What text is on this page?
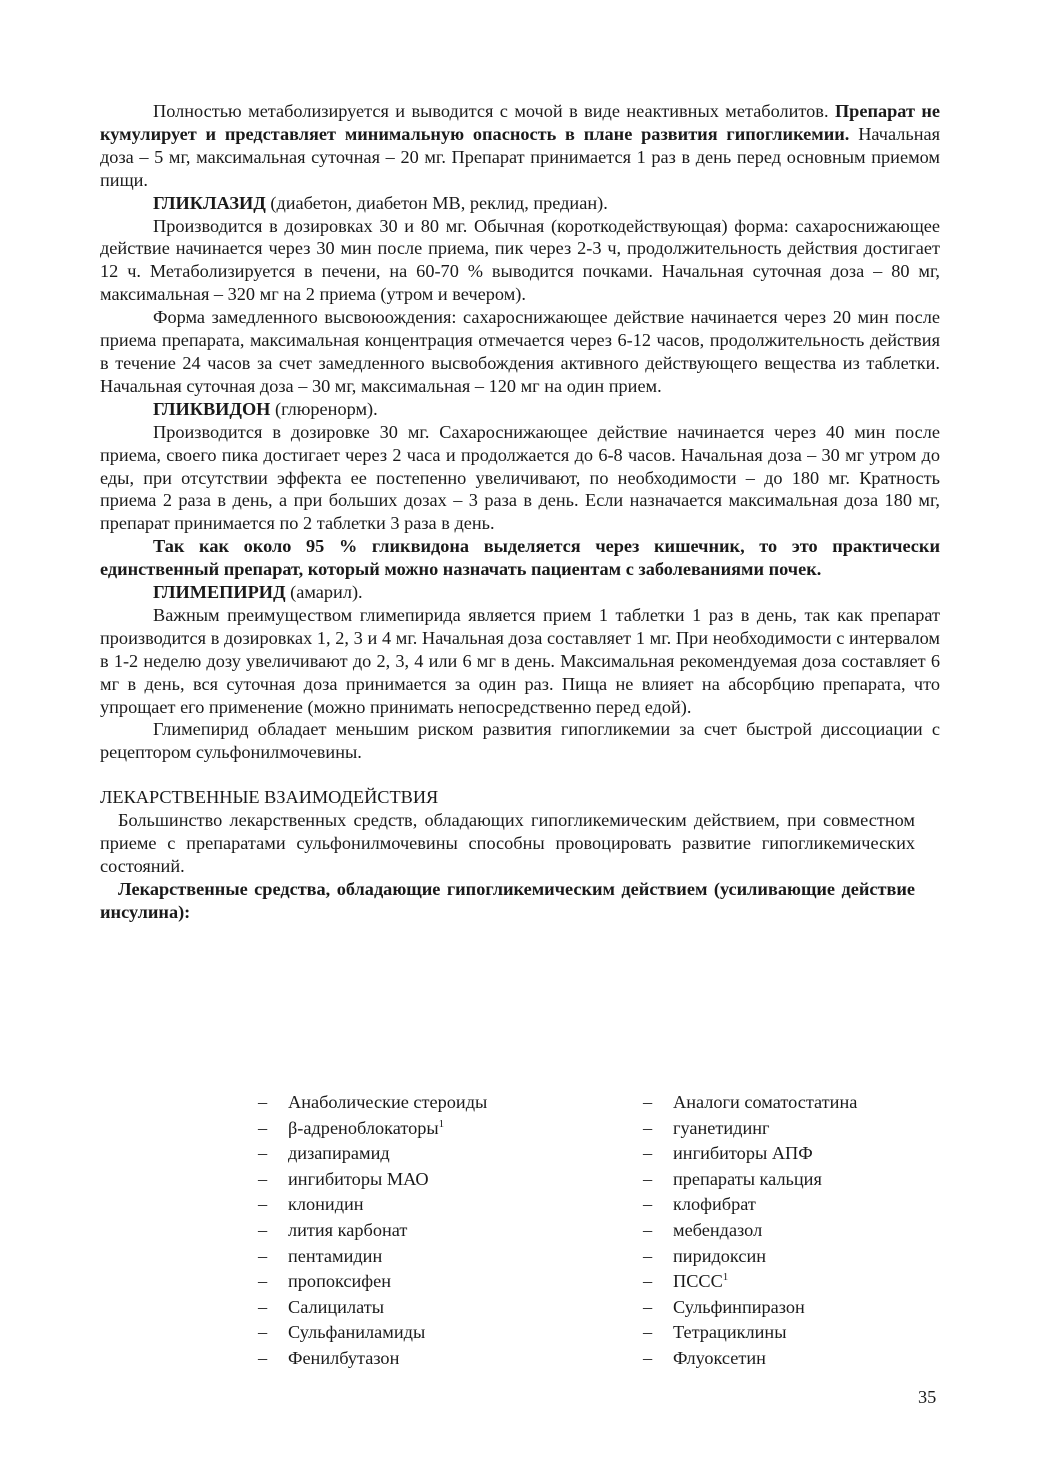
Полностью метаболизируется и выводится с мочой в виде неактивных метаболитов. Препарат не кумулирует и представляет минимальную опасность в плане развития гипогликемии. Начальная доза – 5 мг, максимальная суточная – 20 мг. Препарат принимается 1 раз в день перед основным приемом пищи.

ГЛИКЛАЗИД (диабетон, диабетон МВ, реклид, предиан).

Производится в дозировках 30 и 80 мг. Обычная (короткодействующая) форма: сахароснижающее действие начинается через 30 мин после приема, пик через 2-3 ч, продолжительность действия достигает 12 ч. Метаболизируется в печени, на 60-70 % выводится почками. Начальная суточная доза – 80 мг, максимальная – 320 мг на 2 приема (утром и вечером).

Форма замедленного высвоюождения: сахароснижающее действие начинается через 20 мин после приема препарата, максимальная концентрация отмечается через 6-12 часов, продолжительность действия в течение 24 часов за счет замедленного высвобождения активного действующего вещества из таблетки. Начальная суточная доза – 30 мг, максимальная – 120 мг на один прием.

ГЛИКВИДОН (глюренорм).

Производится в дозировке 30 мг. Сахароснижающее действие начинается через 40 мин после приема, своего пика достигает через 2 часа и продолжается до 6-8 часов. Начальная доза – 30 мг утром до еды, при отсутствии эффекта ее постепенно увеличивают, по необходимости – до 180 мг. Кратность приема 2 раза в день, а при больших дозах – 3 раза в день. Если назначается максимальная доза 180 мг, препарат принимается по 2 таблетки 3 раза в день.

Так как около 95 % гликвидона выделяется через кишечник, то это практически единственный препарат, который можно назначать пациентам с заболеваниями почек.

ГЛИМЕПИРИД (амарил).

Важным преимуществом глимепирида является прием 1 таблетки 1 раз в день, так как препарат производится в дозировках 1, 2, 3 и 4 мг. Начальная доза составляет 1 мг. При необходимости с интервалом в 1-2 неделю дозу увеличивают до 2, 3, 4 или 6 мг в день. Максимальная рекомендуемая доза составляет 6 мг в день, вся суточная доза принимается за один раз. Пища не влияет на абсорбцию препарата, что упрощает его применение (можно принимать непосредственно перед едой).

Глимепирид обладает меньшим риском развития гипогликемии за счет быстрой диссоциации с рецептором сульфонилмочевины.

ЛЕКАРСТВЕННЫЕ ВЗАИМОДЕЙСТВИЯ

Большинство лекарственных средств, обладающих гипогликемическим действием, при совместном приеме с препаратами сульфонилмочевины способны провоцировать развитие гипогликемических состояний.

Лекарственные средства, обладающие гипогликемическим действием (усиливающие действие инсулина):

– Анаболические стероиды
– β-адреноблокаторы$^1$
– дизапирамид
– ингибиторы МАО
– клонидин
– лития карбонат
– пентамидин
– пропоксифен
– Салицилаты
– Сульфаниламиды
– Фенилбутазон
– Аналоги соматостатина
– гуанетидинг
– ингибиторы АПФ
– препараты кальция
– клофибрат
– мебендазол
– пиридоксин
– ПССС$^1$
– Сульфинпиразон
– Тетрациклины
– Флуоксетин
35
